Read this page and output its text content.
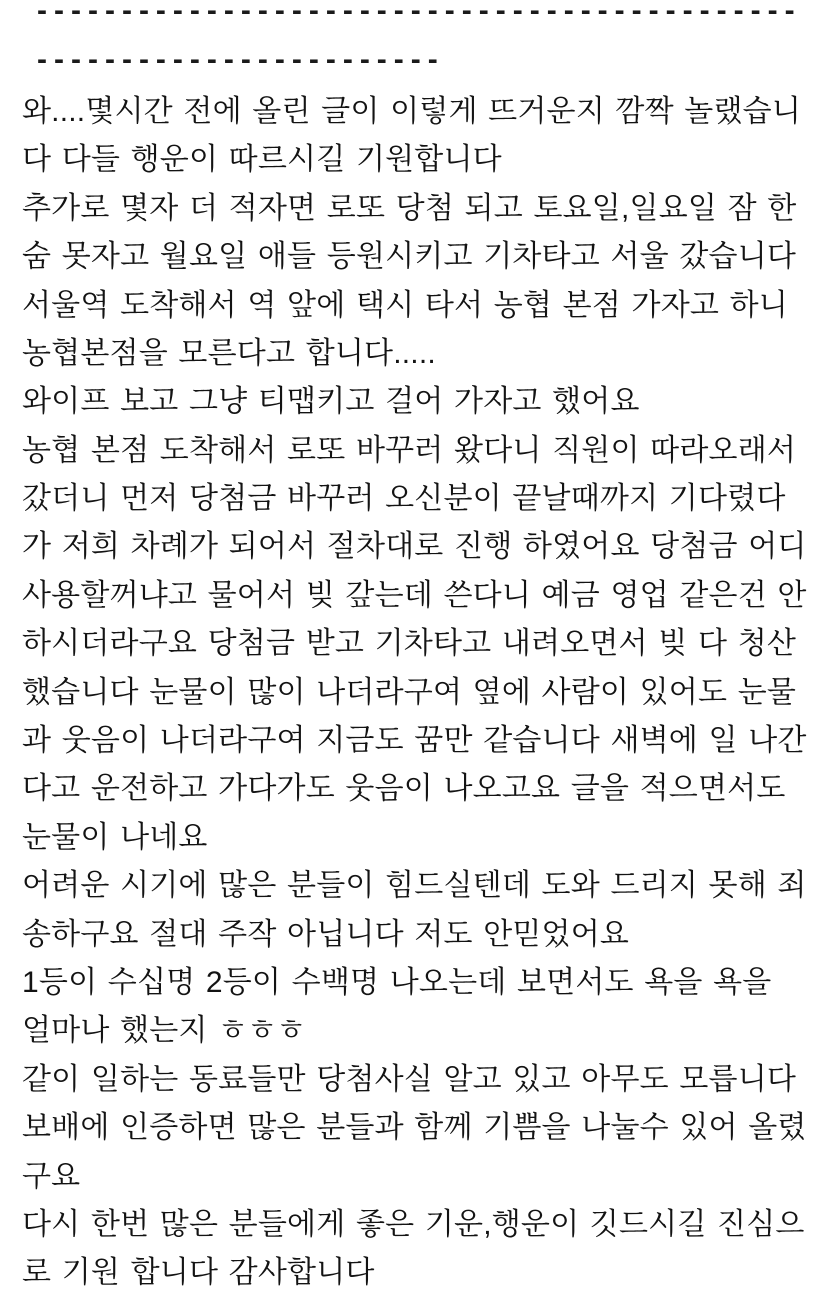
---------------------------------------------
------------------------
와....몇시간 전에 올린 글이 이렇게 뜨거운지 깜짝 놀랬습니
다 다들 행운이 따르시길 기원합니다
추가로 몇자 더 적자면 로또 당첨 되고 토요일,일요일 잠 한
숨 못자고 월요일 애들 등원시키고 기차타고 서울 갔습니다
서울역 도착해서 역 앞에 택시 타서 농협 본점 가자고 하니
농협본점을 모른다고 합니다.....
와이프 보고 그냥 티맵키고 걸어 가자고 했어요
농협 본점 도착해서 로또 바꾸러 왔다니 직원이 따라오래서
갔더니 먼저 당첨금 바꾸러 오신분이 끝날때까지 기다렸다
가 저희 차례가 되어서 절차대로 진행 하였어요 당첨금 어디
사용할꺼냐고 물어서 빚 갚는데 쓴다니 예금 영업 같은건 안
하시더라구요 당첨금 받고 기차타고 내려오면서 빚 다 청산
했습니다 눈물이 많이 나더라구여 옆에 사람이 있어도 눈물
과 웃음이 나더라구여 지금도 꿈만 같습니다 새벽에 일 나간
다고 운전하고 가다가도 웃음이 나오고요 글을 적으면서도
눈물이 나네요
어려운 시기에 많은 분들이 힘드실텐데 도와 드리지 못해 죄
송하구요 절대 주작 아닙니다 저도 안믿었어요
1등이 수십명 2등이 수백명 나오는데 보면서도 욕을 욕을
얼마나 했는지 ㅎㅎㅎ
같이 일하는 동료들만 당첨사실 알고 있고 아무도 모릅니다
보배에 인증하면 많은 분들과 함께 기쁨을 나눌수 있어 올렸
구요
다시 한번 많은 분들에게 좋은 기운,행운이 깃드시길 진심으
로 기원 합니다 감사합니다
